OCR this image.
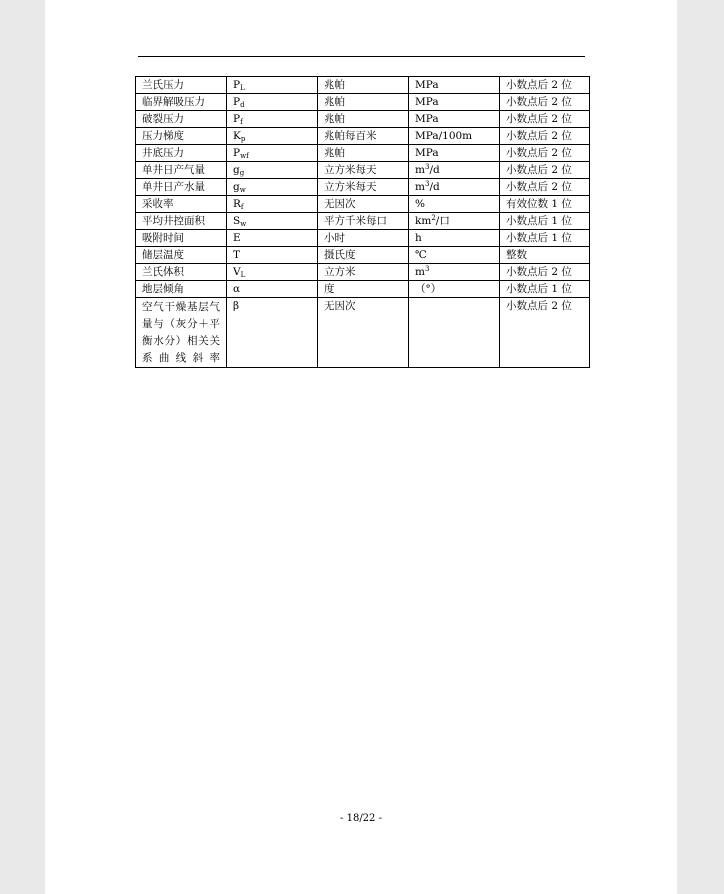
兰氏压力	$P_L$	兆帕	MPa	小数点后 2 位
临界解吸压力	$P_d$	兆帕	MPa	小数点后 2 位
破裂压力	$P_f$	兆帕	MPa	小数点后 2 位
压力梯度	$K_p$	兆帕每百米	MPa/100m	小数点后 2 位
井底压力	$P_{wf}$	兆帕	MPa	小数点后 2 位
单井日产气量	$g_g$	立方米每天	$m^3/d$	小数点后 2 位
单井日产水量	$g_w$	立方米每天	$m^3/d$	小数点后 2 位
采收率	$R_f$	无因次	%	有效位数 1 位
平均井控面积	$S_w$	平方千米每口	$km^2/$口	小数点后 1 位
吸附时间	E	小时	h	小数点后 1 位
储层温度	T	摄氏度	℃	整数
兰氏体积	$V_L$	立方米	$m^3$	小数点后 2 位
地层倾角	α	度	（°）	小数点后 1 位
空气干燥基层气量与（灰分＋平衡水分）相关关系曲线斜率	β	无因次		小数点后 2 位
- 18/22 -
